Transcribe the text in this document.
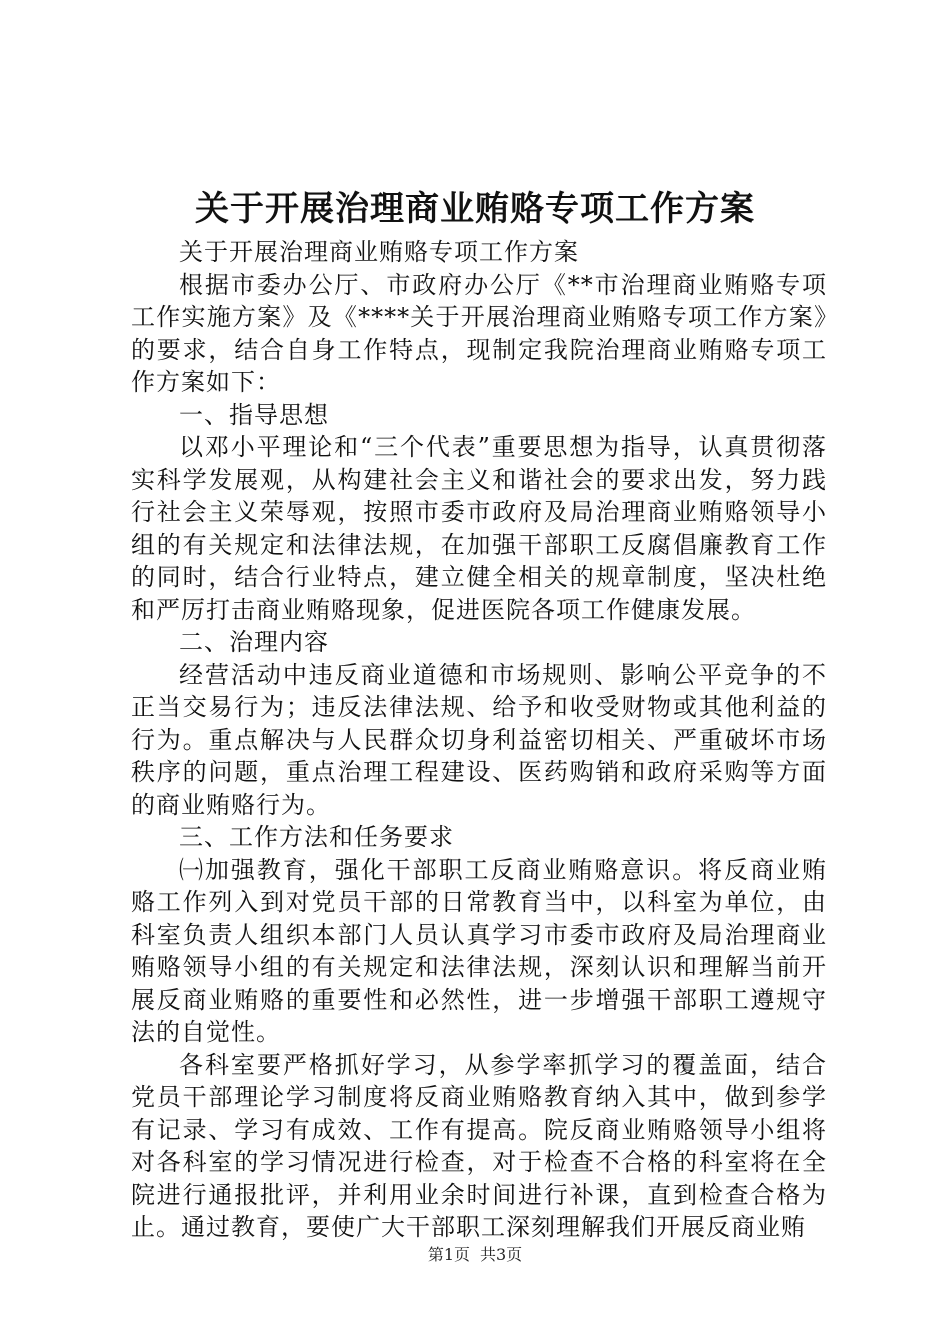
关于开展治理商业贿赂专项工作方案

关于开展治理商业贿赂专项工作方案

根据市委办公厅、市政府办公厅《**市治理商业贿赂专项工作实施方案》及《****关于开展治理商业贿赂专项工作方案》的要求，结合自身工作特点，现制定我院治理商业贿赂专项工作方案如下：

一、指导思想

以邓小平理论和“三个代表”重要思想为指导，认真贯彻落实科学发展观，从构建社会主义和谐社会的要求出发，努力践行社会主义荣辱观，按照市委市政府及局治理商业贿赂领导小组的有关规定和法律法规，在加强干部职工反腐倡廉教育工作的同时，结合行业特点，建立健全相关的规章制度，坚决杜绝和严厉打击商业贿赂现象，促进医院各项工作健康发展。

二、治理内容

经营活动中违反商业道德和市场规则、影响公平竞争的不正当交易行为；违反法律法规、给予和收受财物或其他利益的行为。重点解决与人民群众切身利益密切相关、严重破坏市场秩序的问题，重点治理工程建设、医药购销和政府采购等方面的商业贿赂行为。

三、工作方法和任务要求

㈠加强教育，强化干部职工反商业贿赂意识。将反商业贿赂工作列入到对党员干部的日常教育当中，以科室为单位，由科室负责人组织本部门人员认真学习市委市政府及局治理商业贿赂领导小组的有关规定和法律法规，深刻认识和理解当前开展反商业贿赂的重要性和必然性，进一步增强干部职工遵规守法的自觉性。

各科室要严格抓好学习，从参学率抓学习的覆盖面，结合党员干部理论学习制度将反商业贿赂教育纳入其中，做到参学有记录、学习有成效、工作有提高。院反商业贿赂领导小组将对各科室的学习情况进行检查，对于检查不合格的科室将在全院进行通报批评，并利用业余时间进行补课，直到检查合格为止。通过教育，要使广大干部职工深刻理解我们开展反商业贿

第1页 共3页
